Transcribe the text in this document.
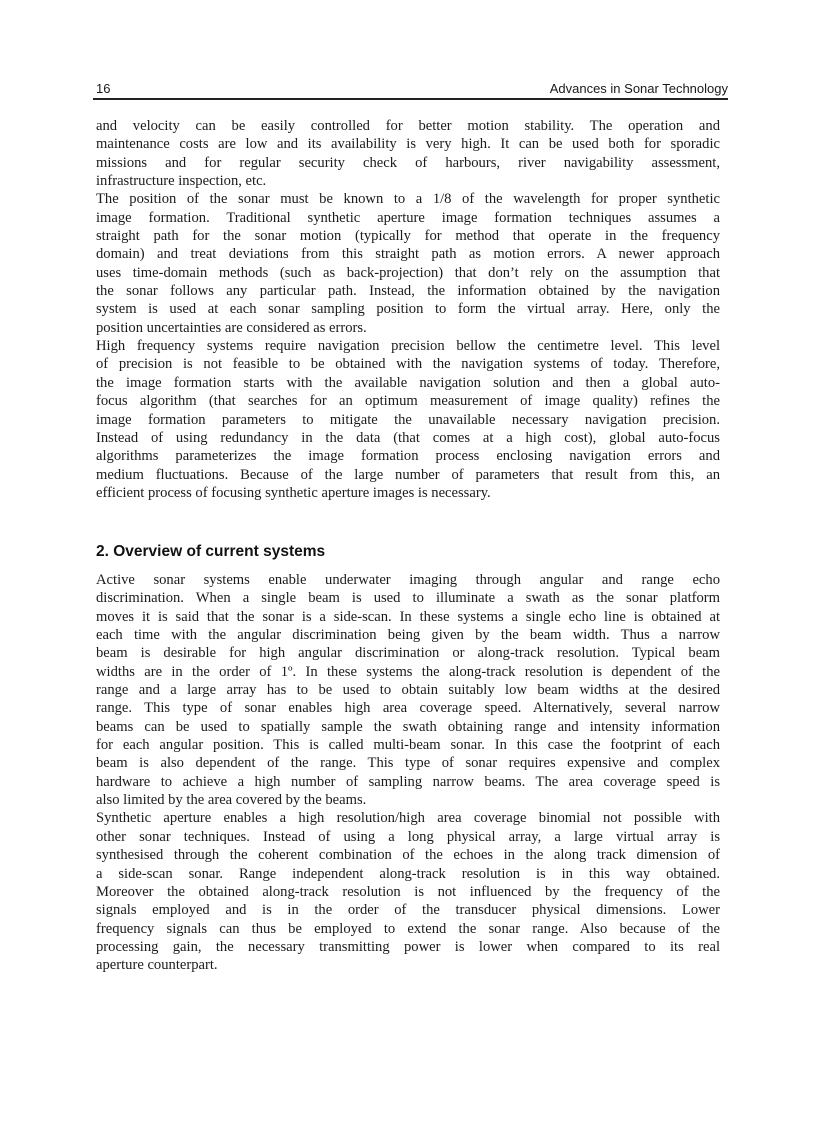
16	Advances in Sonar Technology
and velocity can be easily controlled for better motion stability. The operation and
maintenance costs are low and its availability is very high. It can be used both for sporadic
missions and for regular security check of harbours, river navigability assessment,
infrastructure inspection, etc.
The position of the sonar must be known to a 1/8 of the wavelength for proper synthetic
image formation. Traditional synthetic aperture image formation techniques assumes a
straight path for the sonar motion (typically for method that operate in the frequency
domain) and treat deviations from this straight path as motion errors. A newer approach
uses time-domain methods (such as back-projection) that don’t rely on the assumption that
the sonar follows any particular path. Instead, the information obtained by the navigation
system is used at each sonar sampling position to form the virtual array. Here, only the
position uncertainties are considered as errors.
High frequency systems require navigation precision bellow the centimetre level. This level
of precision is not feasible to be obtained with the navigation systems of today. Therefore,
the image formation starts with the available navigation solution and then a global auto-
focus algorithm (that searches for an optimum measurement of image quality) refines the
image formation parameters to mitigate the unavailable necessary navigation precision.
Instead of using redundancy in the data (that comes at a high cost), global auto-focus
algorithms parameterizes the image formation process enclosing navigation errors and
medium fluctuations. Because of the large number of parameters that result from this, an
efficient process of focusing synthetic aperture images is necessary.
2. Overview of current systems
Active sonar systems enable underwater imaging through angular and range echo
discrimination. When a single beam is used to illuminate a swath as the sonar platform
moves it is said that the sonar is a side-scan. In these systems a single echo line is obtained at
each time with the angular discrimination being given by the beam width. Thus a narrow
beam is desirable for high angular discrimination or along-track resolution. Typical beam
widths are in the order of 1º. In these systems the along-track resolution is dependent of the
range and a large array has to be used to obtain suitably low beam widths at the desired
range. This type of sonar enables high area coverage speed. Alternatively, several narrow
beams can be used to spatially sample the swath obtaining range and intensity information
for each angular position. This is called multi-beam sonar. In this case the footprint of each
beam is also dependent of the range. This type of sonar requires expensive and complex
hardware to achieve a high number of sampling narrow beams. The area coverage speed is
also limited by the area covered by the beams.
Synthetic aperture enables a high resolution/high area coverage binomial not possible with
other sonar techniques. Instead of using a long physical array, a large virtual array is
synthesised through the coherent combination of the echoes in the along track dimension of
a side-scan sonar. Range independent along-track resolution is in this way obtained.
Moreover the obtained along-track resolution is not influenced by the frequency of the
signals employed and is in the order of the transducer physical dimensions. Lower
frequency signals can thus be employed to extend the sonar range. Also because of the
processing gain, the necessary transmitting power is lower when compared to its real
aperture counterpart.
